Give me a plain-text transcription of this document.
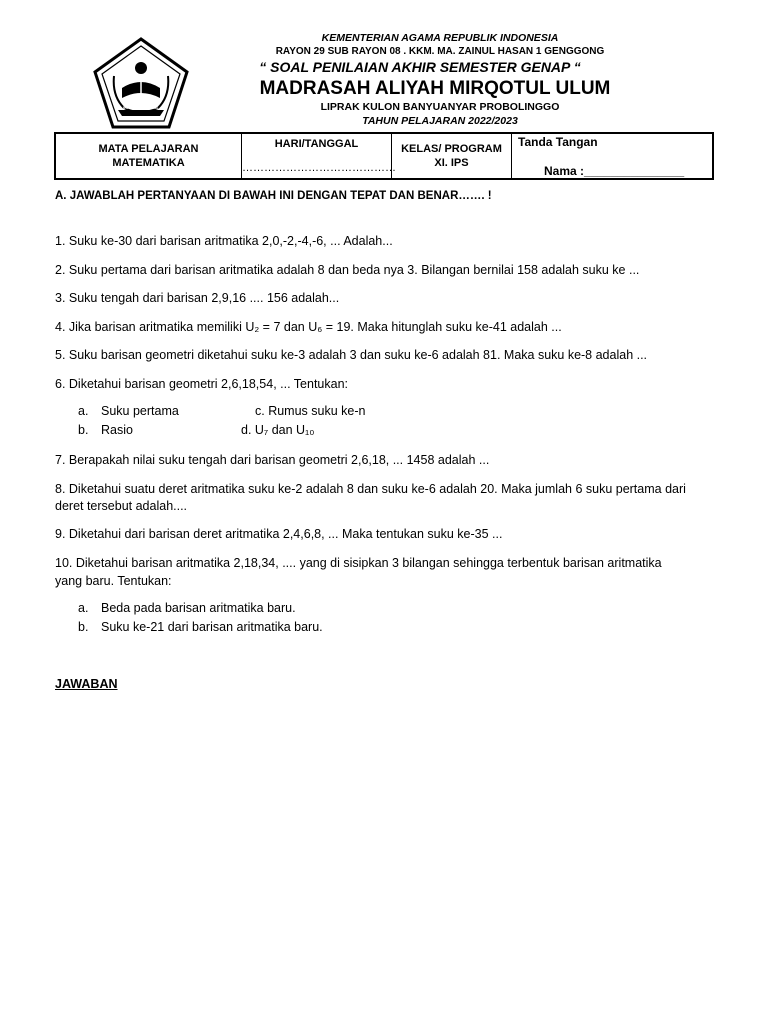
IKHLAS BERAMAL
KEMENTERIAN AGAMA REPUBLIK INDONESIA
RAYON 29 SUB RAYON 08 . KKM. MA. ZAINUL HASAN 1 GENGGONG
“ SOAL PENILAIAN AKHIR SEMESTER GENAP “
MADRASAH ALIYAH MIRQOTUL ULUM
LIPRAK KULON BANYUANYAR PROBOLINGGO
TAHUN PELAJARAN 2022/2023
MATA PELAJARAN
MATEMATIKA
HARI/TANGGAL
……………………………………
KELAS/ PROGRAM
XI. IPS
Tanda Tangan
Nama :_______________
A. JAWABLAH PERTANYAAN DI BAWAH INI DENGAN TEPAT DAN BENAR……. !
1. Suku ke-30 dari barisan aritmatika 2,0,-2,-4,-6, ... Adalah...
2. Suku pertama dari barisan aritmatika adalah 8 dan beda nya 3. Bilangan bernilai 158 adalah suku ke ...
3. Suku tengah dari barisan 2,9,16 .... 156 adalah...
4. Jika barisan aritmatika memiliki U₂ = 7 dan U₆ = 19. Maka hitunglah suku ke-41 adalah ...
5. Suku barisan geometri diketahui suku ke-3 adalah 3 dan suku ke-6 adalah 81. Maka suku ke-8 adalah ...
6. Diketahui barisan geometri 2,6,18,54, ... Tentukan:
a. Suku pertama	c. Rumus suku ke-n
b. Rasio	d. U₇ dan U₁₀
7. Berapakah nilai suku tengah dari barisan geometri 2,6,18, ... 1458 adalah ...
8. Diketahui suatu deret aritmatika suku ke-2 adalah 8 dan suku ke-6 adalah 20. Maka jumlah 6 suku pertama dari
deret tersebut adalah....
9. Diketahui dari barisan deret aritmatika 2,4,6,8, ... Maka tentukan suku ke-35 ...
10. Diketahui barisan aritmatika 2,18,34, .... yang di sisipkan 3 bilangan sehingga terbentuk barisan aritmatika
yang baru. Tentukan:
a. Beda pada barisan aritmatika baru.
b. Suku ke-21 dari barisan aritmatika baru.
JAWABAN
